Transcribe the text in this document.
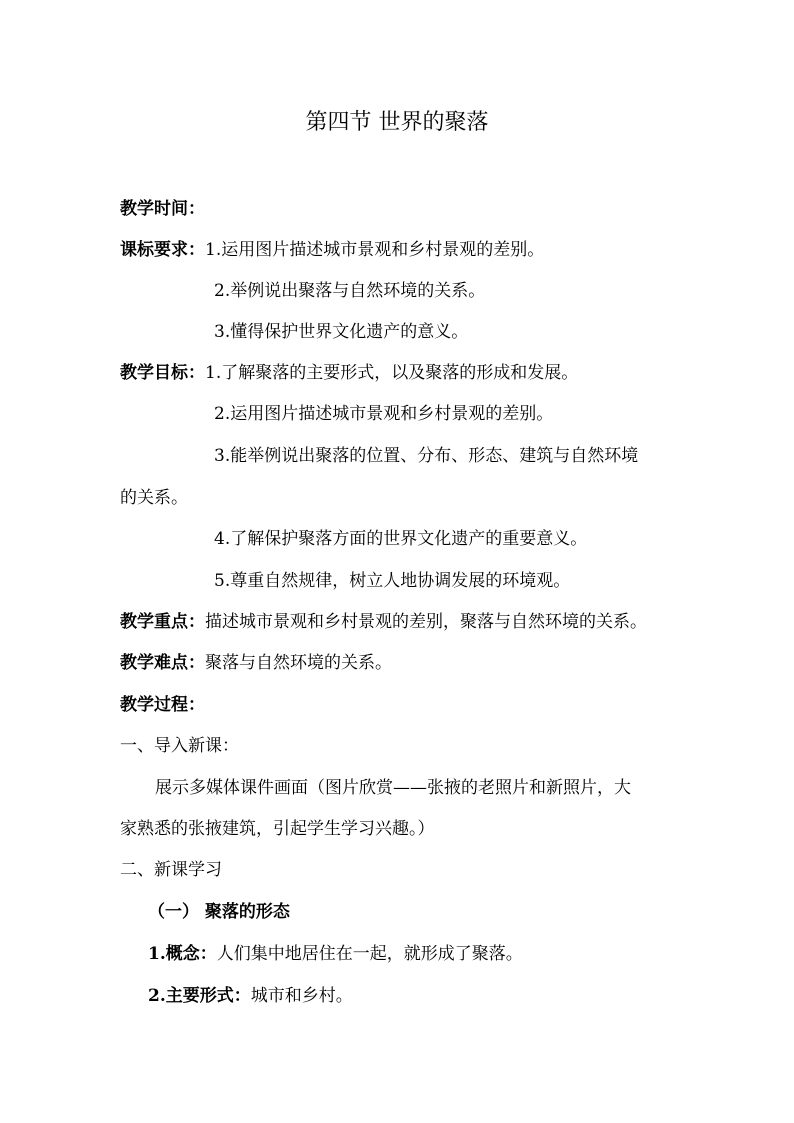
第四节 世界的聚落
教学时间：
课标要求：1.运用图片描述城市景观和乡村景观的差别。
2.举例说出聚落与自然环境的关系。
3.懂得保护世界文化遗产的意义。
教学目标：1.了解聚落的主要形式，以及聚落的形成和发展。
2.运用图片描述城市景观和乡村景观的差别。
3.能举例说出聚落的位置、分布、形态、建筑与自然环境
的关系。
4.了解保护聚落方面的世界文化遗产的重要意义。
5.尊重自然规律，树立人地协调发展的环境观。
教学重点：描述城市景观和乡村景观的差别，聚落与自然环境的关系。
教学难点：聚落与自然环境的关系。
教学过程：
一、导入新课：
展示多媒体课件画面（图片欣赏——张掖的老照片和新照片，大
家熟悉的张掖建筑，引起学生学习兴趣。）
二、新课学习
（一） 聚落的形态
1.概念：人们集中地居住在一起，就形成了聚落。
2.主要形式：城市和乡村。
